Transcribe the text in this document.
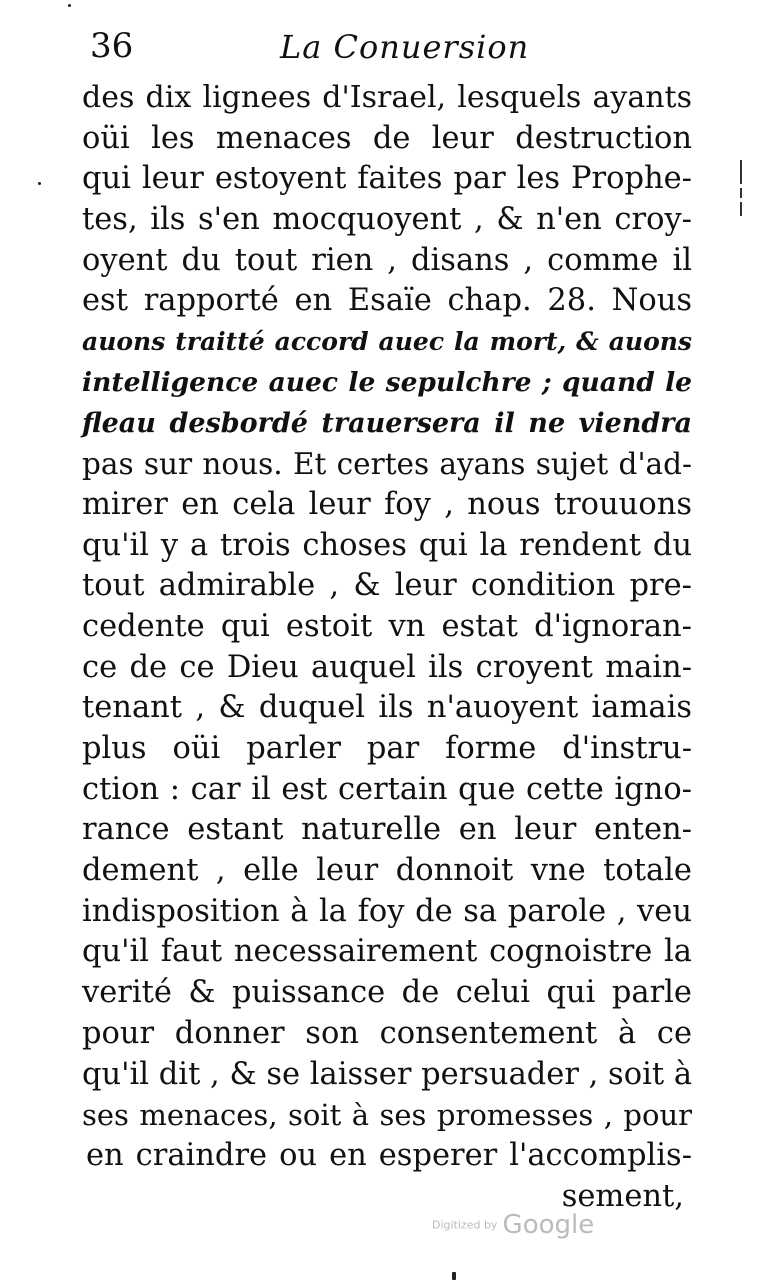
36	La Conuersion
des dix lignees d'Israel, lesquels ayants
oüi les menaces de leur destruction
qui leur estoyent faites par les Prophe-
tes, ils s'en mocquoyent , & n'en croy-
oyent du tout rien , disans , comme il
est rapporté en Esaïe chap. 28. Nous
auons traitté accord auec la mort, & auons
intelligence auec le sepulchre ; quand le
fleau desbordé trauersera il ne viendra
pas sur nous. Et certes ayans sujet d'ad-
mirer en cela leur foy , nous trouuons
qu'il y a trois choses qui la rendent du
tout admirable , & leur condition pre-
cedente qui estoit vn estat d'ignoran-
ce de ce Dieu auquel ils croyent main-
tenant , & duquel ils n'auoyent iamais
plus oüi parler par forme d'instru-
ction : car il est certain que cette igno-
rance estant naturelle en leur enten-
dement , elle leur donnoit vne totale
indisposition à la foy de sa parole , veu
qu'il faut necessairement cognoistre la
verité & puissance de celui qui parle
pour donner son consentement à ce
qu'il dit , & se laisser persuader , soit à
ses menaces, soit à ses promesses , pour
en craindre ou en esperer l'accomplis-
sement,
Digitized by Google
